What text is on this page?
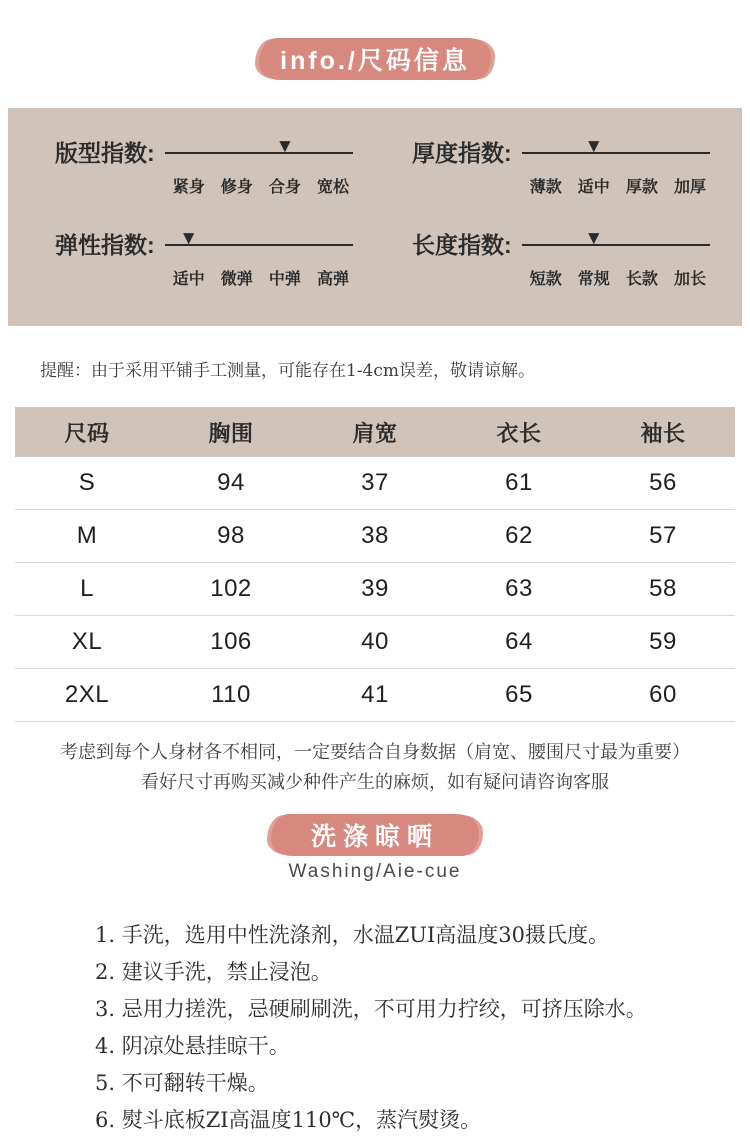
info./尺码信息
版型指数:	▼
紧身	修身	合身	宽松
厚度指数:	▼
薄款	适中	厚款	加厚
弹性指数: ▼
适中	微弹	中弹	高弹
长度指数:	▼
短款	常规	长款	加长

提醒：由于采用平铺手工测量，可能存在1-4cm误差，敬请谅解。

尺码	胸围	肩宽	衣长	袖长
S	94	37	61	56
M	98	38	62	57
L	102	39	63	58
XL	106	40	64	59
2XL	110	41	65	60
考虑到每个人身材各不相同，一定要结合自身数据（肩宽、腰围尺寸最为重要）
看好尺寸再购买减少种件产生的麻烦，如有疑问请咨询客服
洗涤晾晒
Washing/Aie-cue
1. 手洗，选用中性洗涤剂，水温ZUI高温度30摄氏度。
2. 建议手洗，禁止浸泡。
3. 忌用力搓洗，忌硬刷刷洗，不可用力拧绞，可挤压除水。
4. 阴凉处悬挂晾干。
5. 不可翻转干燥。
6. 熨斗底板ZI高温度110℃，蒸汽熨烫。
